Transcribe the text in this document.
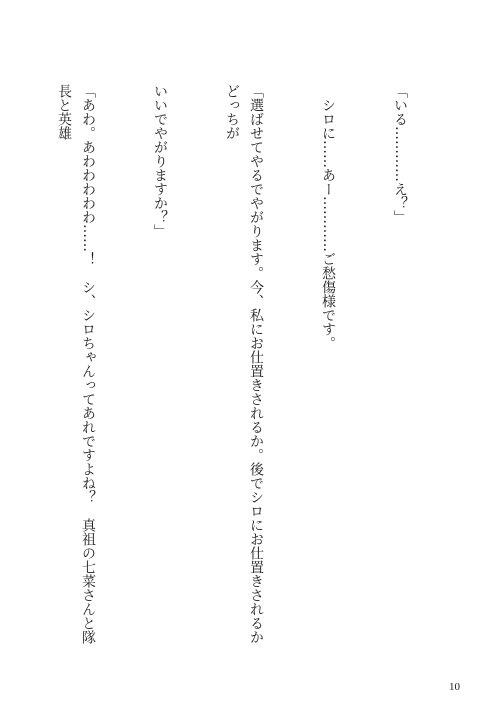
「いる…………え？」

　シロに……あー…………ご愁傷様です。

「選ばせてやるでやがります。今、私にお仕置きされるか。後でシロにお仕置きされるかどっちが

いいでやがりますか？」

「あわ。あわわわわわ……！　シ、シロちゃんってあれですよね？　真祖の七菜さんと隊長と英雄

10
